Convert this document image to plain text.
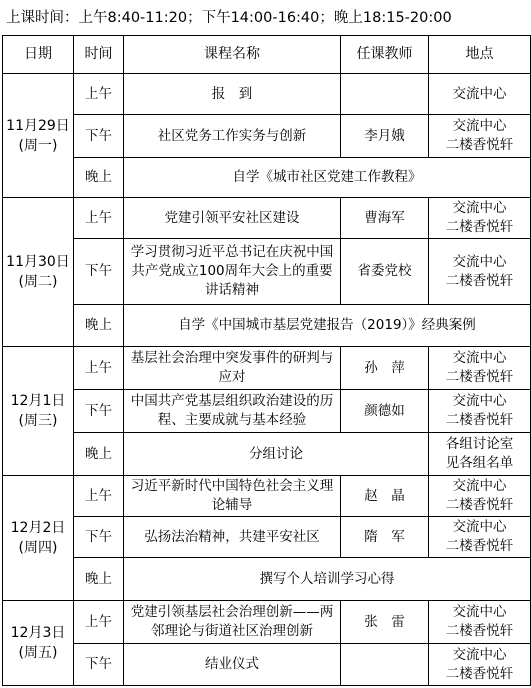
上课时间：上午8:40-11:20；下午14:00-16:40；晚上18:15-20:00
日期	时间	课程名称	任课教师	地点
11月29日
(周一)	上午	报　到		交流中心
	下午	社区党务工作实务与创新	李月娥	交流中心
二楼香悦轩
	晚上	自学《城市社区党建工作教程》		
11月30日
(周二)	上午	党建引领平安社区建设	曹海军	交流中心
二楼香悦轩
	下午	学习贯彻习近平总书记在庆祝中国共产党成立100周年大会上的重要讲话精神	省委党校	交流中心
二楼香悦轩
	晚上	自学《中国城市基层党建报告（2019）》经典案例		
12月1日
(周三)	上午	基层社会治理中突发事件的研判与应对	孙　萍	交流中心
二楼香悦轩
	下午	中国共产党基层组织政治建设的历程、主要成就与基本经验	颜德如	交流中心
二楼香悦轩
	晚上	分组讨论		各组讨论室
见各组名单
12月2日
(周四)	上午	习近平新时代中国特色社会主义理论辅导	赵　晶	交流中心
二楼香悦轩
	下午	弘扬法治精神，共建平安社区	隋　军	交流中心
二楼香悦轩
	晚上	撰写个人培训学习心得		
12月3日
(周五)	上午	党建引领基层社会治理创新——两邻理论与街道社区治理创新	张　雷	交流中心
二楼香悦轩
	下午	结业仪式		交流中心
二楼香悦轩
